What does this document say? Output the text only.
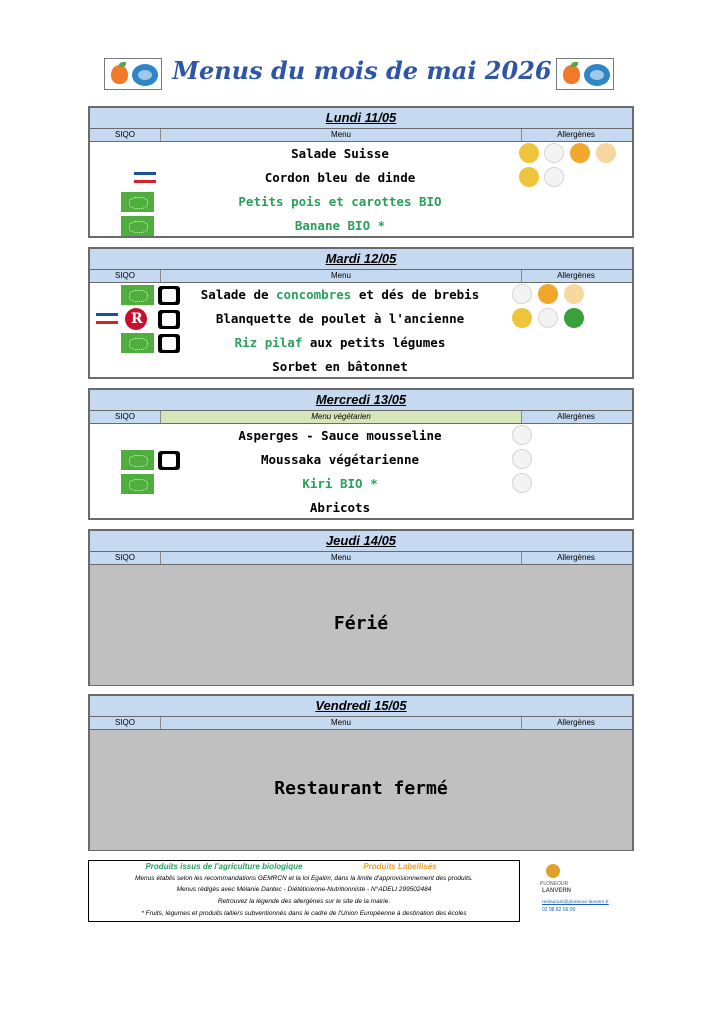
Menus du mois de mai 2026
Lundi 11/05
SIQO	Menu	Allergènes
Salade Suisse
Cordon bleu de dinde
Petits pois et carottes BIO
Banane BIO *
Mardi 12/05
SIQO	Menu	Allergènes
Salade de concombres et dés de brebis
R
Blanquette de poulet à l'ancienne
Riz pilaf aux petits légumes
Sorbet en bâtonnet
Mercredi 13/05
SIQO	Menu végétarien	Allergènes
Asperges - Sauce mousseline
Moussaka végétarienne
Kiri BIO *
Abricots
Jeudi 14/05
SIQO	Menu	Allergènes
Férié
Vendredi 15/05
SIQO	Menu	Allergènes
Restaurant fermé
Produits issus de l'agriculture biologique	Produits Labellisés
Menus établis selon les recommandations GEMRCN et la loi Egalim, dans la limite d'approvisionnement des produits.
Menus rédigés avec Mélanie Dantec - Diététicienne-Nutritionniste - N°ADELI 299502484
Retrouvez la légende des allergènes sur le site de la mairie.
* Fruits, légumes et produits laitiers subventionnés dans le cadre de l'Union Européenne à destination des écoles
PLONEOUR
LANVERN
restaurant@ploneour-lanvern.fr
02 98 82 66 00
